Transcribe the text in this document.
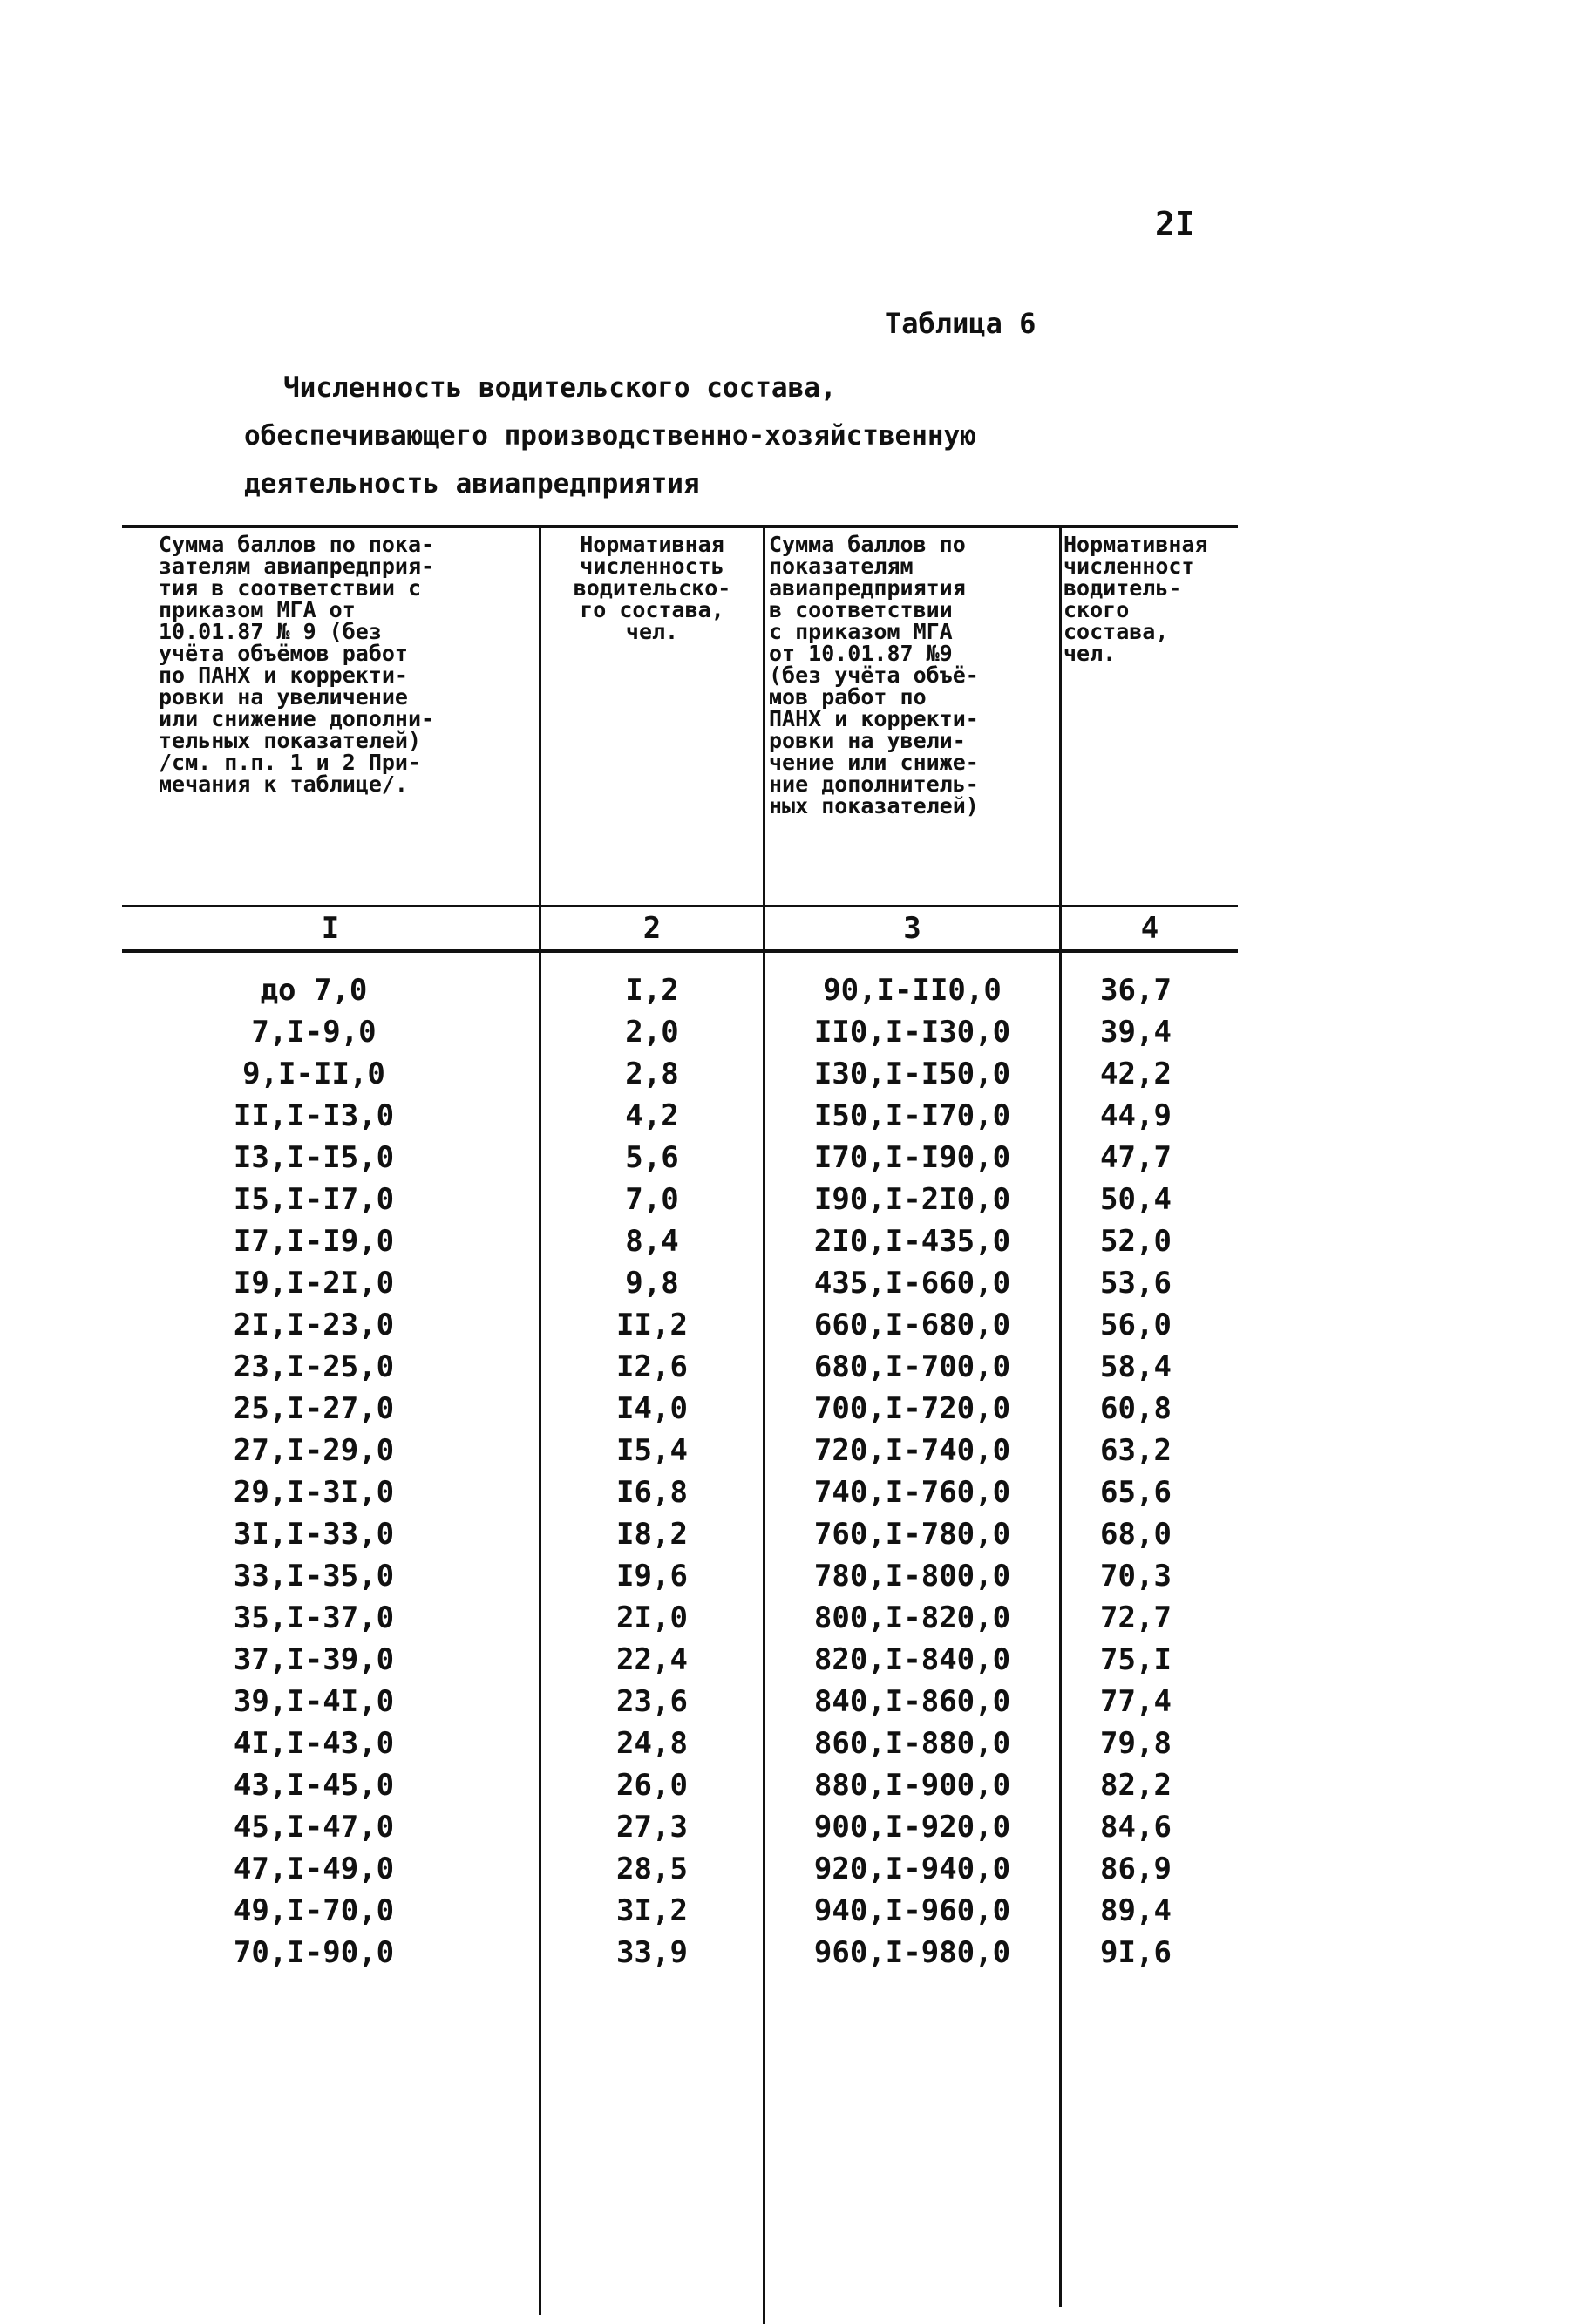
2I
Таблица 6
Численность водительского состава,
обеспечивающего производственно-хозяйственную
деятельность авиапредприятия
Сумма баллов по пока-
зателям авиапредприя-
тия в соответствии с
приказом МГА от
10.01.87 № 9 (без
учёта объёмов работ
по ПАНХ и корректи-
ровки на увеличение
или снижение дополни-
тельных показателей)
/см. п.п. 1 и 2 При-
мечания к таблице/.
Нормативная
численность
водительско-
го состава,
чел.
Сумма баллов по
показателям
авиапредприятия
в соответствии
с приказом МГА
от 10.01.87 №9
(без учёта объё-
мов работ по
ПАНХ и корректи-
ровки на увели-
чение или сниже-
ние дополнитель-
ных показателей)
Нормативная
численност
водитель-
ского
состава,
чел.
I	2	3	4
до 7,0	I,2	90,I-II0,0	36,7
7,I-9,0	2,0	II0,I-I30,0	39,4
9,I-II,0	2,8	I30,I-I50,0	42,2
II,I-I3,0	4,2	I50,I-I70,0	44,9
I3,I-I5,0	5,6	I70,I-I90,0	47,7
I5,I-I7,0	7,0	I90,I-2I0,0	50,4
I7,I-I9,0	8,4	2I0,I-435,0	52,0
I9,I-2I,0	9,8	435,I-660,0	53,6
2I,I-23,0	II,2	660,I-680,0	56,0
23,I-25,0	I2,6	680,I-700,0	58,4
25,I-27,0	I4,0	700,I-720,0	60,8
27,I-29,0	I5,4	720,I-740,0	63,2
29,I-3I,0	I6,8	740,I-760,0	65,6
3I,I-33,0	I8,2	760,I-780,0	68,0
33,I-35,0	I9,6	780,I-800,0	70,3
35,I-37,0	2I,0	800,I-820,0	72,7
37,I-39,0	22,4	820,I-840,0	75,I
39,I-4I,0	23,6	840,I-860,0	77,4
4I,I-43,0	24,8	860,I-880,0	79,8
43,I-45,0	26,0	880,I-900,0	82,2
45,I-47,0	27,3	900,I-920,0	84,6
47,I-49,0	28,5	920,I-940,0	86,9
49,I-70,0	3I,2	940,I-960,0	89,4
70,I-90,0	33,9	960,I-980,0	9I,6
